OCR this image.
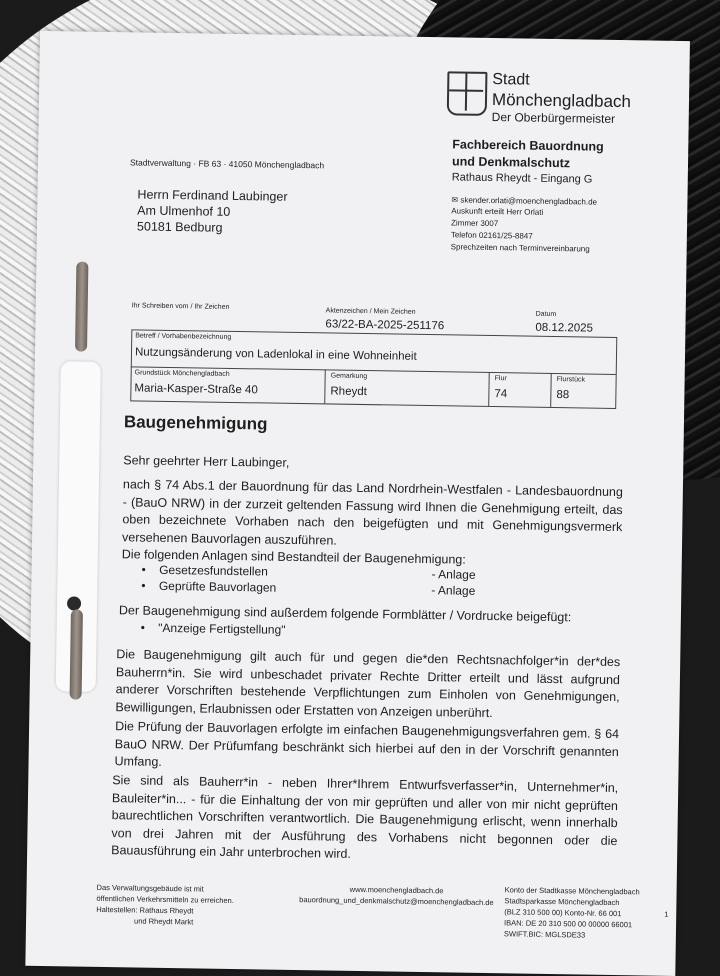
Stadt
Mönchengladbach
Der Oberbürgermeister
Fachbereich Bauordnung
und Denkmalschutz
Rathaus Rheydt - Eingang G
Stadtverwaltung · FB 63 · 41050 Mönchengladbach
Herrn Ferdinand Laubinger
Am Ulmenhof 10
50181 Bedburg
✉ skender.orlati@moenchengladbach.de
Auskunft erteilt Herr Orlati
Zimmer 3007
Telefon 02161/25-8847
Sprechzeiten nach Terminvereinbarung
Ihr Schreiben vom / Ihr Zeichen
Aktenzeichen / Mein Zeichen
63/22-BA-2025-251176
Datum
08.12.2025
Betreff / Vorhabenbezeichnung
Nutzungsänderung von Ladenlokal in eine Wohneinheit
Grundstück Mönchengladbach
Maria-Kasper-Straße 40
Gemarkung
Rheydt
Flur
74
Flurstück
88
Baugenehmigung
Sehr geehrter Herr Laubinger,
nach § 74 Abs.1 der Bauordnung für das Land Nordrhein-Westfalen - Landesbauordnung - (BauO NRW) in der zurzeit geltenden Fassung wird Ihnen die Genehmigung erteilt, das oben bezeichnete Vorhaben nach den beigefügten und mit Genehmigungsvermerk versehenen Bauvorlagen auszuführen.
Die folgenden Anlagen sind Bestandteil der Baugenehmigung:
•    Gesetzesfundstellen	- Anlage
•    Geprüfte Bauvorlagen	- Anlage
Der Baugenehmigung sind außerdem folgende Formblätter / Vordrucke beigefügt:
•    "Anzeige Fertigstellung"
Die Baugenehmigung gilt auch für und gegen die*den Rechtsnachfolger*in der*des Bauherrn*in. Sie wird unbeschadet privater Rechte Dritter erteilt und lässt aufgrund anderer Vorschriften bestehende Verpflichtungen zum Einholen von Genehmigungen, Bewilligungen, Erlaubnissen oder Erstatten von Anzeigen unberührt.
Die Prüfung der Bauvorlagen erfolgte im einfachen Baugenehmigungsverfahren gem. § 64 BauO NRW. Der Prüfumfang beschränkt sich hierbei auf den in der Vorschrift genannten Umfang.
Sie sind als Bauherr*in - neben Ihrer*Ihrem Entwurfsverfasser*in, Unternehmer*in, Bauleiter*in... - für die Einhaltung der von mir geprüften und aller von mir nicht geprüften baurechtlichen Vorschriften verantwortlich. Die Baugenehmigung erlischt, wenn innerhalb von drei Jahren mit der Ausführung des Vorhabens nicht begonnen oder die Bauausführung ein Jahr unterbrochen wird.
Das Verwaltungsgebäude ist mit
öffentlichen Verkehrsmitteln zu erreichen.
Haltestellen: Rathaus Rheydt
und Rheydt Markt
www.moenchengladbach.de
bauordnung_und_denkmalschutz@moenchengladbach.de
Konto der Stadtkasse Mönchengladbach
Stadtsparkasse Mönchengladbach
(BLZ 310 500 00) Konto-Nr. 66 001
IBAN: DE 20 310 500 00 00000 66001
SWIFT.BIC: MGLSDE33
1
